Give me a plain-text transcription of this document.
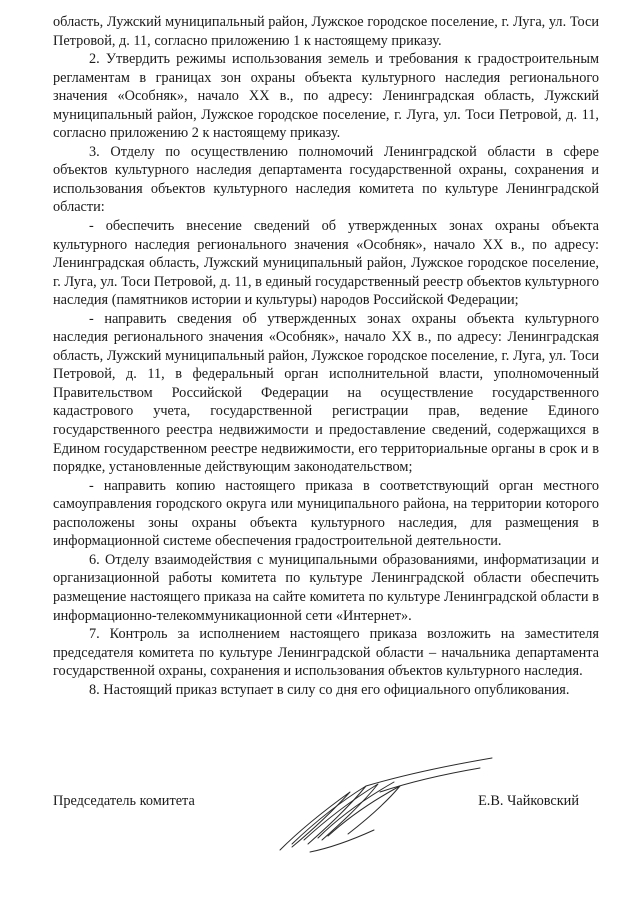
область, Лужский муниципальный район, Лужское городское поселение, г. Луга, ул. Тоси Петровой, д. 11, согласно приложению 1 к настоящему приказу.

2. Утвердить режимы использования земель и требования к градостроительным регламентам в границах зон охраны объекта культурного наследия регионального значения «Особняк», начало XX в., по адресу: Ленинградская область, Лужский муниципальный район, Лужское городское поселение, г. Луга, ул. Тоси Петровой, д. 11, согласно приложению 2 к настоящему приказу.

3. Отделу по осуществлению полномочий Ленинградской области в сфере объектов культурного наследия департамента государственной охраны, сохранения и использования объектов культурного наследия комитета по культуре Ленинградской области:

- обеспечить внесение сведений об утвержденных зонах охраны объекта культурного наследия регионального значения «Особняк», начало XX в., по адресу: Ленинградская область, Лужский муниципальный район, Лужское городское поселение, г. Луга, ул. Тоси Петровой, д. 11, в единый государственный реестр объектов культурного наследия (памятников истории и культуры) народов Российской Федерации;

- направить сведения об утвержденных зонах охраны объекта культурного наследия регионального значения «Особняк», начало XX в., по адресу: Ленинградская область, Лужский муниципальный район, Лужское городское поселение, г. Луга, ул. Тоси Петровой, д. 11, в федеральный орган исполнительной власти, уполномоченный Правительством Российской Федерации на осуществление государственного кадастрового учета, государственной регистрации прав, ведение Единого государственного реестра недвижимости и предоставление сведений, содержащихся в Едином государственном реестре недвижимости, его территориальные органы в срок и в порядке, установленные действующим законодательством;

- направить копию настоящего приказа в соответствующий орган местного самоуправления городского округа или муниципального района, на территории которого расположены зоны охраны объекта культурного наследия, для размещения в информационной системе обеспечения градостроительной деятельности.

6. Отделу взаимодействия с муниципальными образованиями, информатизации и организационной работы комитета по культуре Ленинградской области обеспечить размещение настоящего приказа на сайте комитета по культуре Ленинградской области в информационно-телекоммуникационной сети «Интернет».

7. Контроль за исполнением настоящего приказа возложить на заместителя председателя комитета по культуре Ленинградской области – начальника департамента государственной охраны, сохранения и использования объектов культурного наследия.

8. Настоящий приказ вступает в силу со дня его официального опубликования.

Председатель комитета	Е.В. Чайковский
